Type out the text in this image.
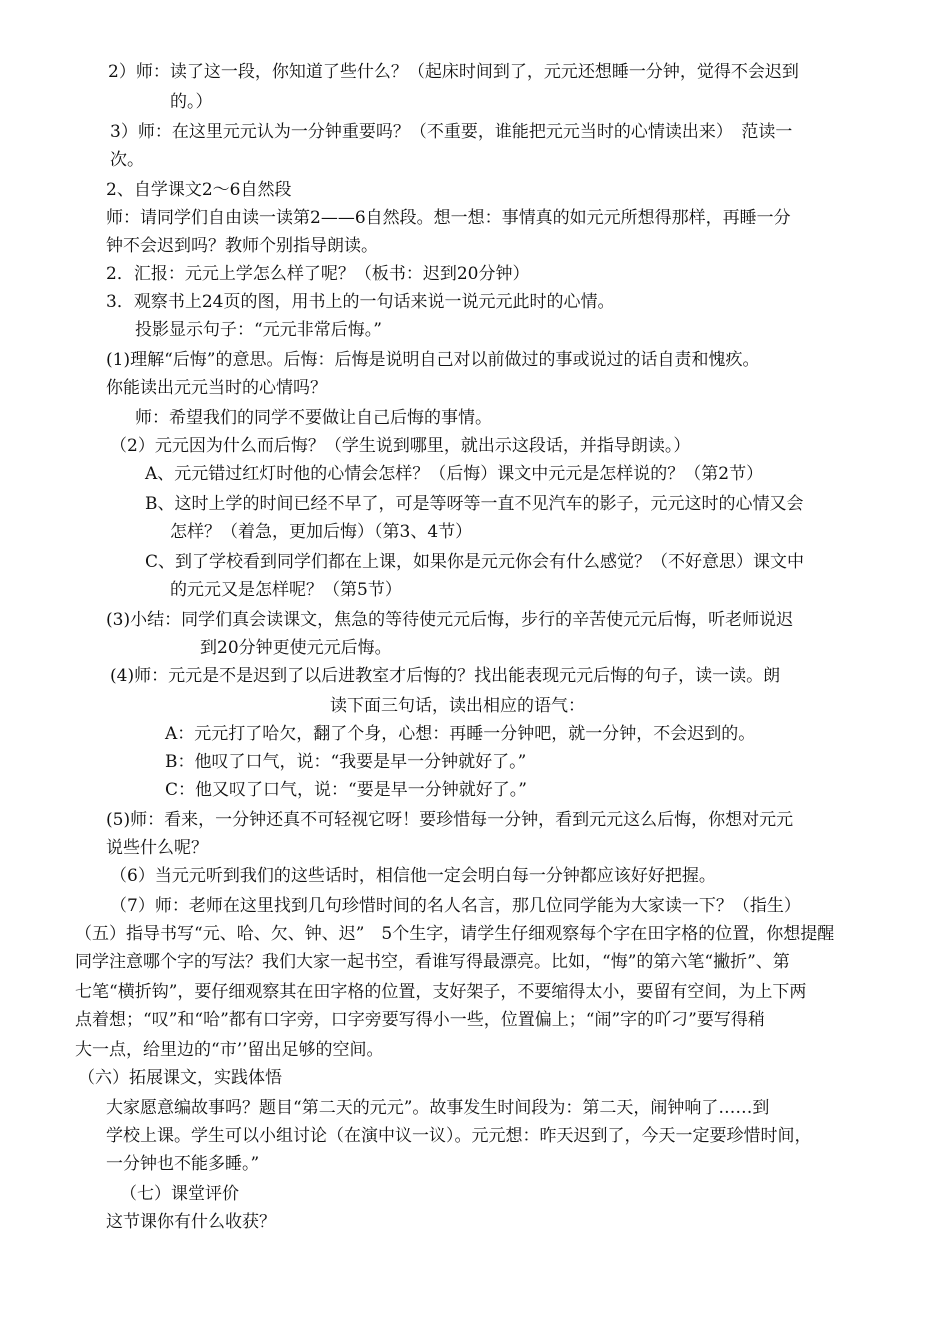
2）师：读了这一段，你知道了些什么？（起床时间到了，元元还想睡一分钟，觉得不会迟到
的。）
3）师：在这里元元认为一分钟重要吗？（不重要，谁能把元元当时的心情读出来）　范读一
次。
2、自学课文2～6自然段
师：请同学们自由读一读第2——6自然段。想一想：事情真的如元元所想得那样，再睡一分
钟不会迟到吗？教师个别指导朗读。
2．汇报：元元上学怎么样了呢？（板书：迟到20分钟）
3．观察书上24页的图，用书上的一句话来说一说元元此时的心情。
投影显示句子：“元元非常后悔。”
(1)理解“后悔”的意思。后悔：后悔是说明自己对以前做过的事或说过的话自责和愧疚。
你能读出元元当时的心情吗？
师：希望我们的同学不要做让自己后悔的事情。
（2）元元因为什么而后悔？（学生说到哪里，就出示这段话，并指导朗读。）
A、元元错过红灯时他的心情会怎样？（后悔）课文中元元是怎样说的？（第2节）
B、这时上学的时间已经不早了，可是等呀等一直不见汽车的影子，元元这时的心情又会
怎样？（着急，更加后悔）（第3、4节）
C、到了学校看到同学们都在上课，如果你是元元你会有什么感觉？（不好意思）课文中
的元元又是怎样呢？（第5节）
(3)小结：同学们真会读课文，焦急的等待使元元后悔，步行的辛苦使元元后悔，听老师说迟
到20分钟更使元元后悔。
(4)师：元元是不是迟到了以后进教室才后悔的？找出能表现元元后悔的句子，读一读。朗
读下面三句话，读出相应的语气：
A：元元打了哈欠，翻了个身，心想：再睡一分钟吧，就一分钟，不会迟到的。
B：他叹了口气，说：“我要是早一分钟就好了。”
C：他又叹了口气，说：“要是早一分钟就好了。”
(5)师：看来，一分钟还真不可轻视它呀！要珍惜每一分钟，看到元元这么后悔，你想对元元
说些什么呢？
（6）当元元听到我们的这些话时，相信他一定会明白每一分钟都应该好好把握。
（7）师：老师在这里找到几句珍惜时间的名人名言，那几位同学能为大家读一下？（指生）
（五）指导书写“元、哈、欠、钟、迟”　5个生字，请学生仔细观察每个字在田字格的位置，你想提醒
同学注意哪个字的写法？我们大家一起书空，看谁写得最漂亮。比如，“悔”的第六笔“撇折”、第
七笔“横折钩”，要仔细观察其在田字格的位置，支好架子，不要缩得太小，要留有空间，为上下两
点着想；“叹”和“哈”都有口字旁，口字旁要写得小一些，位置偏上；“闹”字的吖刁”要写得稍
大一点，给里边的“市’’留出足够的空间。
（六）拓展课文，实践体悟
大家愿意编故事吗？题目“第二天的元元”。故事发生时间段为：第二天，闹钟响了……到
学校上课。学生可以小组讨论（在演中议一议）。元元想：昨天迟到了，今天一定要珍惜时间，
一分钟也不能多睡。”
（七）课堂评价
这节课你有什么收获？
